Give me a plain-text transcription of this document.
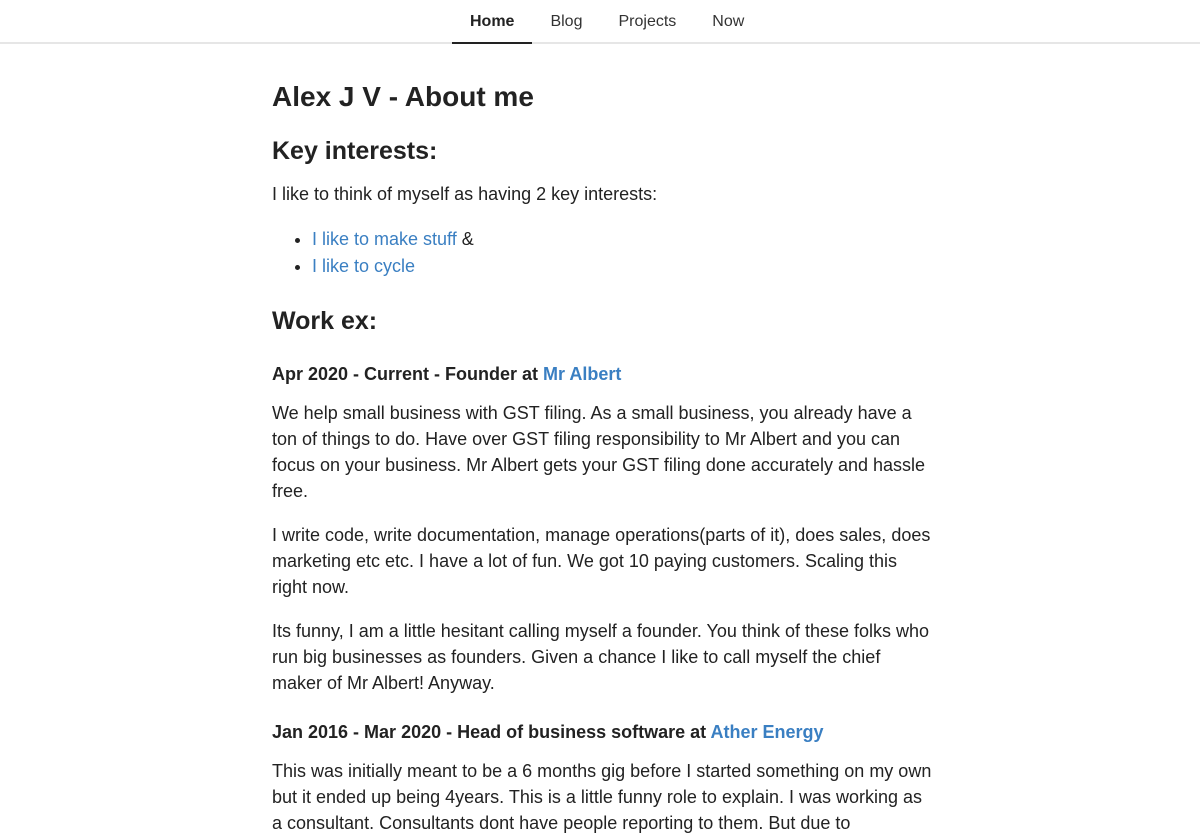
Home	Blog	Projects	Now
Alex J V - About me
Key interests:

I like to think of myself as having 2 key interests:

• I like to make stuff &
• I like to cycle
Work ex:
Apr 2020 - Current - Founder at Mr Albert

We help small business with GST filing. As a small business, you already have a ton of things to do. Have over GST filing responsibility to Mr Albert and you can focus on your business. Mr Albert gets your GST filing done accurately and hassle free.

I write code, write documentation, manage operations(parts of it), does sales, does marketing etc etc. I have a lot of fun. We got 10 paying customers. Scaling this right now.

Its funny, I am a little hesitant calling myself a founder. You think of these folks who run big businesses as founders. Given a chance I like to call myself the chief maker of Mr Albert! Anyway.

Jan 2016 - Mar 2020 - Head of business software at Ather Energy

This was initially meant to be a 6 months gig before I started something on my own but it ended up being 4years. This is a little funny role to explain. I was working as a consultant. Consultants dont have people reporting to them. But due to
